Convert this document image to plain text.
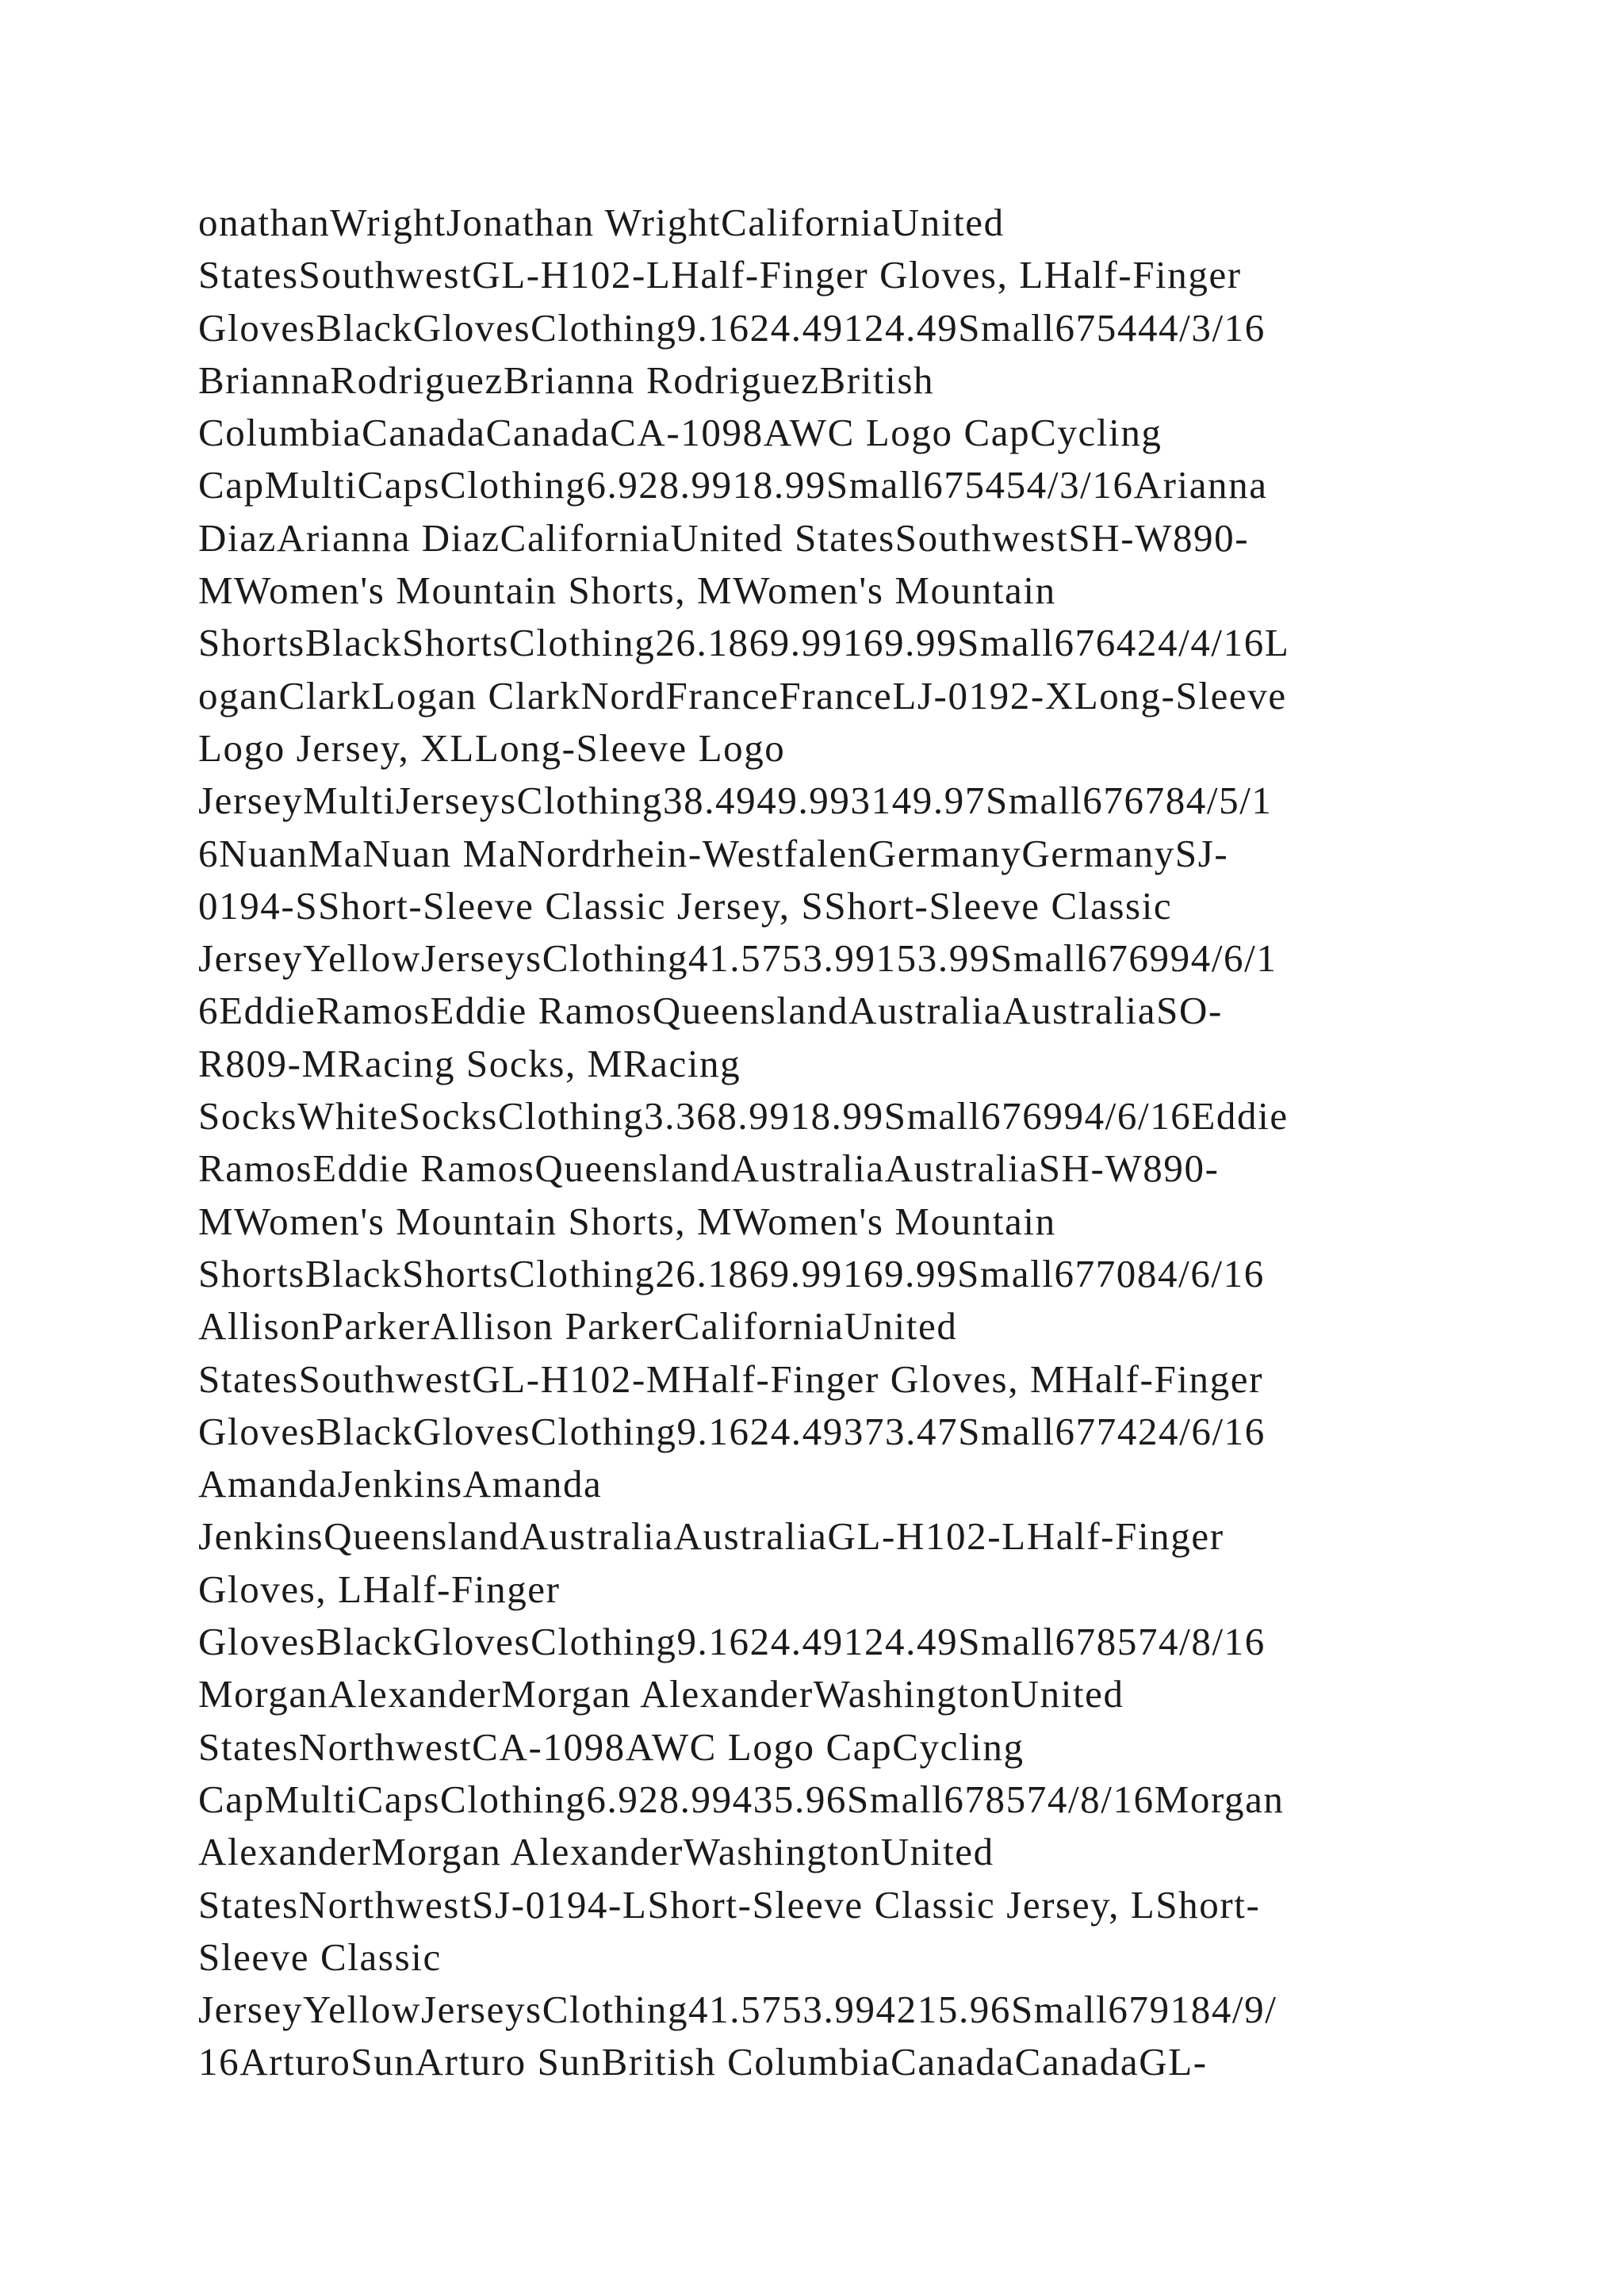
onathanWrightJonathan WrightCaliforniaUnited
StatesSouthwestGL-H102-LHalf-Finger Gloves, LHalf-Finger
GlovesBlackGlovesClothing9.1624.49124.49Small675444/3/16
BriannaRodriguezBrianna RodriguezBritish
ColumbiaCanadaCanadaCA-1098AWC Logo CapCycling
CapMultiCapsClothing6.928.9918.99Small675454/3/16Arianna
DiazArianna DiazCaliforniaUnited StatesSouthwestSH-W890-
MWomen's Mountain Shorts, MWomen's Mountain
ShortsBlackShortsClothing26.1869.99169.99Small676424/4/16L
oganClarkLogan ClarkNordFranceFranceLJ-0192-XLong-Sleeve
Logo Jersey, XLLong-Sleeve Logo
JerseyMultiJerseysClothing38.4949.993149.97Small676784/5/1
6NuanMaNuan MaNordrhein-WestfalenGermanyGermanySJ-
0194-SShort-Sleeve Classic Jersey, SShort-Sleeve Classic
JerseyYellowJerseysClothing41.5753.99153.99Small676994/6/1
6EddieRamosEddie RamosQueenslandAustraliaAustraliaSO-
R809-MRacing Socks, MRacing
SocksWhiteSocksClothing3.368.9918.99Small676994/6/16Eddie
RamosEddie RamosQueenslandAustraliaAustraliaSH-W890-
MWomen's Mountain Shorts, MWomen's Mountain
ShortsBlackShortsClothing26.1869.99169.99Small677084/6/16
AllisonParkerAllison ParkerCaliforniaUnited
StatesSouthwestGL-H102-MHalf-Finger Gloves, MHalf-Finger
GlovesBlackGlovesClothing9.1624.49373.47Small677424/6/16
AmandaJenkinsAmanda
JenkinsQueenslandAustraliaAustraliaGL-H102-LHalf-Finger
Gloves, LHalf-Finger
GlovesBlackGlovesClothing9.1624.49124.49Small678574/8/16
MorganAlexanderMorgan AlexanderWashingtonUnited
StatesNorthwestCA-1098AWC Logo CapCycling
CapMultiCapsClothing6.928.99435.96Small678574/8/16Morgan
AlexanderMorgan AlexanderWashingtonUnited
StatesNorthwestSJ-0194-LShort-Sleeve Classic Jersey, LShort-
Sleeve Classic
JerseyYellowJerseysClothing41.5753.994215.96Small679184/9/
16ArturoSunArturo SunBritish ColumbiaCanadaCanadaGL-
